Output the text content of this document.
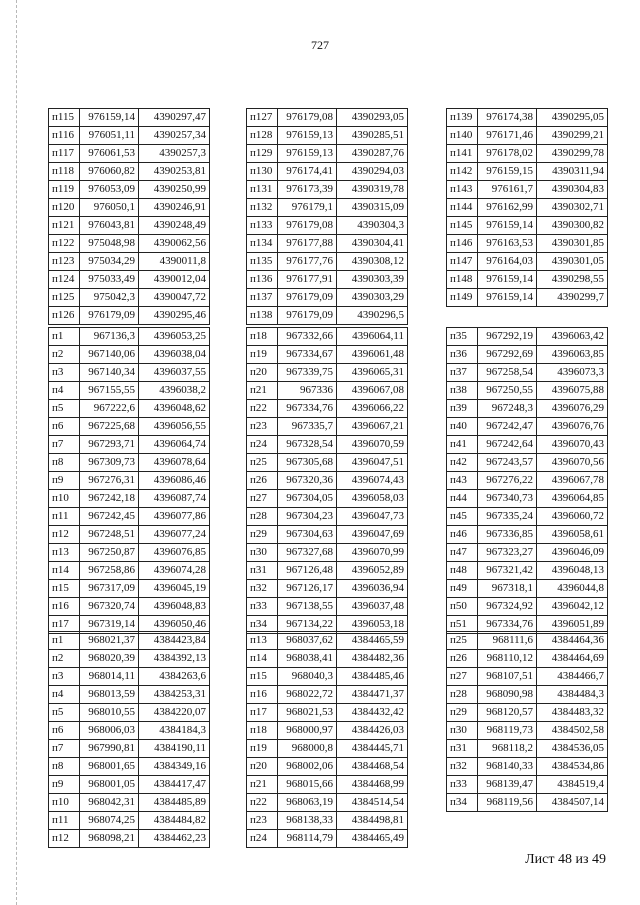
727
п115	976159,14	4390297,47
п116	976051,11	4390257,34
п117	976061,53	4390257,3
п118	976060,82	4390253,81
п119	976053,09	4390250,99
п120	976050,1	4390246,91
п121	976043,81	4390248,49
п122	975048,98	4390062,56
п123	975034,29	4390011,8
п124	975033,49	4390012,04
п125	975042,3	4390047,72
п126	976179,09	4390295,46
п127	976179,08	4390293,05
п128	976159,13	4390285,51
п129	976159,13	4390287,76
п130	976174,41	4390294,03
п131	976173,39	4390319,78
п132	976179,1	4390315,09
п133	976179,08	4390304,3
п134	976177,88	4390304,41
п135	976177,76	4390308,12
п136	976177,91	4390303,39
п137	976179,09	4390303,29
п138	976179,09	4390296,5
п139	976174,38	4390295,05
п140	976171,46	4390299,21
п141	976178,02	4390299,78
п142	976159,15	4390311,94
п143	976161,7	4390304,83
п144	976162,99	4390302,71
п145	976159,14	4390300,82
п146	976163,53	4390301,85
п147	976164,03	4390301,05
п148	976159,14	4390298,55
п149	976159,14	4390299,7
п1	967136,3	4396053,25
п2	967140,06	4396038,04
п3	967140,34	4396037,55
п4	967155,55	4396038,2
п5	967222,6	4396048,62
п6	967225,68	4396056,55
п7	967293,71	4396064,74
п8	967309,73	4396078,64
п9	967276,31	4396086,46
п10	967242,18	4396087,74
п11	967242,45	4396077,86
п12	967248,51	4396077,24
п13	967250,87	4396076,85
п14	967258,86	4396074,28
п15	967317,09	4396045,19
п16	967320,74	4396048,83
п17	967319,14	4396050,46
п18	967332,66	4396064,11
п19	967334,67	4396061,48
п20	967339,75	4396065,31
п21	967336	4396067,08
п22	967334,76	4396066,22
п23	967335,7	4396067,21
п24	967328,54	4396070,59
п25	967305,68	4396047,51
п26	967320,36	4396074,43
п27	967304,05	4396058,03
п28	967304,23	4396047,73
п29	967304,63	4396047,69
п30	967327,68	4396070,99
п31	967126,48	4396052,89
п32	967126,17	4396036,94
п33	967138,55	4396037,48
п34	967134,22	4396053,18
п35	967292,19	4396063,42
п36	967292,69	4396063,85
п37	967258,54	4396073,3
п38	967250,55	4396075,88
п39	967248,3	4396076,29
п40	967242,47	4396076,76
п41	967242,64	4396070,43
п42	967243,57	4396070,56
п43	967276,22	4396067,78
п44	967340,73	4396064,85
п45	967335,24	4396060,72
п46	967336,85	4396058,61
п47	967323,27	4396046,09
п48	967321,42	4396048,13
п49	967318,1	4396044,8
п50	967324,92	4396042,12
п51	967334,76	4396051,89
п1	968021,37	4384423,84
п2	968020,39	4384392,13
п3	968014,11	4384263,6
п4	968013,59	4384253,31
п5	968010,55	4384220,07
п6	968006,03	4384184,3
п7	967990,81	4384190,11
п8	968001,65	4384349,16
п9	968001,05	4384417,47
п10	968042,31	4384485,89
п11	968074,25	4384484,82
п12	968098,21	4384462,23
п13	968037,62	4384465,59
п14	968038,41	4384482,36
п15	968040,3	4384485,46
п16	968022,72	4384471,37
п17	968021,53	4384432,42
п18	968000,97	4384426,03
п19	968000,8	4384445,71
п20	968002,06	4384468,54
п21	968015,66	4384468,99
п22	968063,19	4384514,54
п23	968138,33	4384498,81
п24	968114,79	4384465,49
п25	968111,6	4384464,36
п26	968110,12	4384464,69
п27	968107,51	4384466,7
п28	968090,98	4384484,3
п29	968120,57	4384483,32
п30	968119,73	4384502,58
п31	968118,2	4384536,05
п32	968140,33	4384534,86
п33	968139,47	4384519,4
п34	968119,56	4384507,14
Лист 48 из 49
